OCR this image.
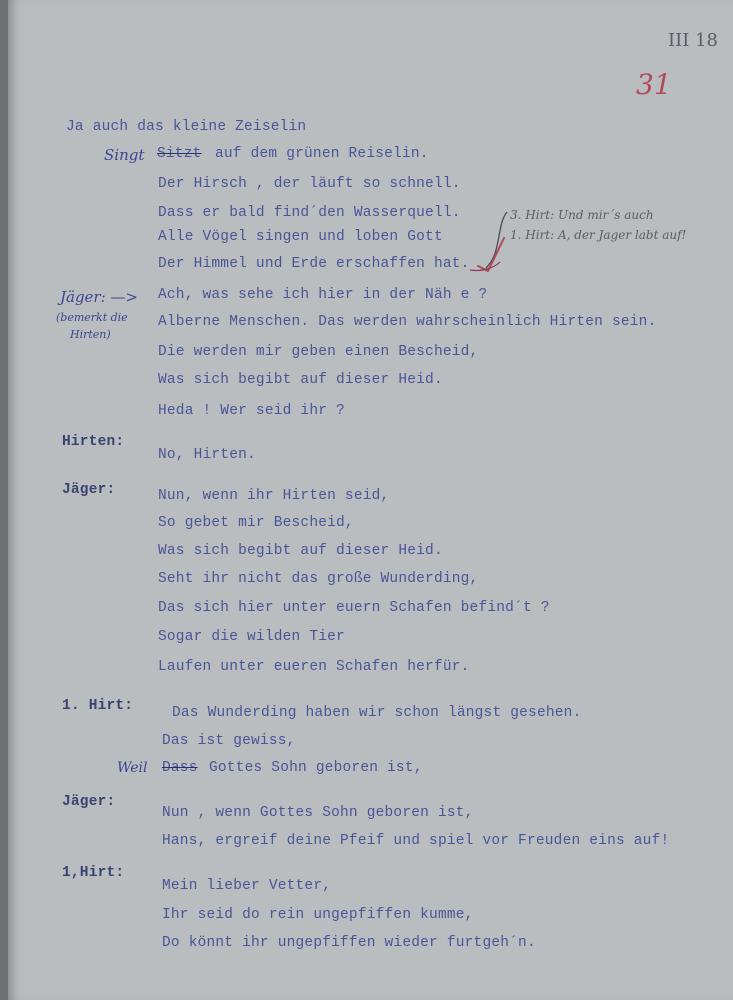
III 18
31
Ja auch das kleine Zeiselin
Singt Sitzt auf dem grünen Reiselin.
Der Hirsch , der läuft so schnell.
Dass er bald find´den Wasserquell.
Alle Vögel singen und loben Gott
Der Himmel und Erde erschaffen hat.
3. Hirt: Und mir´s auch
1. Hirt: A, der Jager labt auf!
Jäger: —>
(bemerkt die
Hirten)
Ach, was sehe ich hier in der Näh e ?
Alberne Menschen. Das werden wahrscheinlich Hirten sein.
Die werden mir geben einen Bescheid,
Was sich begibt auf dieser Heid.
Heda ! Wer seid ihr ?
Hirten:
No, Hirten.
Jäger:	Nun, wenn ihr Hirten seid,
So gebet mir Bescheid,
Was sich begibt auf dieser Heid.
Seht ihr nicht das große Wunderding,
Das sich hier unter euern Schafen befind´t ?
Sogar die wilden Tier
Laufen unter eueren Schafen herfür.
1. Hirt:	Das Wunderding haben wir schon längst gesehen.
Das ist gewiss,
Weil Dass Gottes Sohn geboren ist,
Jäger:
Nun , wenn Gottes Sohn geboren ist,
Hans, ergreif deine Pfeif und spiel vor Freuden eins auf!
1,Hirt:
Mein lieber Vetter,
Ihr seid do rein ungepfiffen kumme,
Do könnt ihr ungepfiffen wieder furtgeh´n.
